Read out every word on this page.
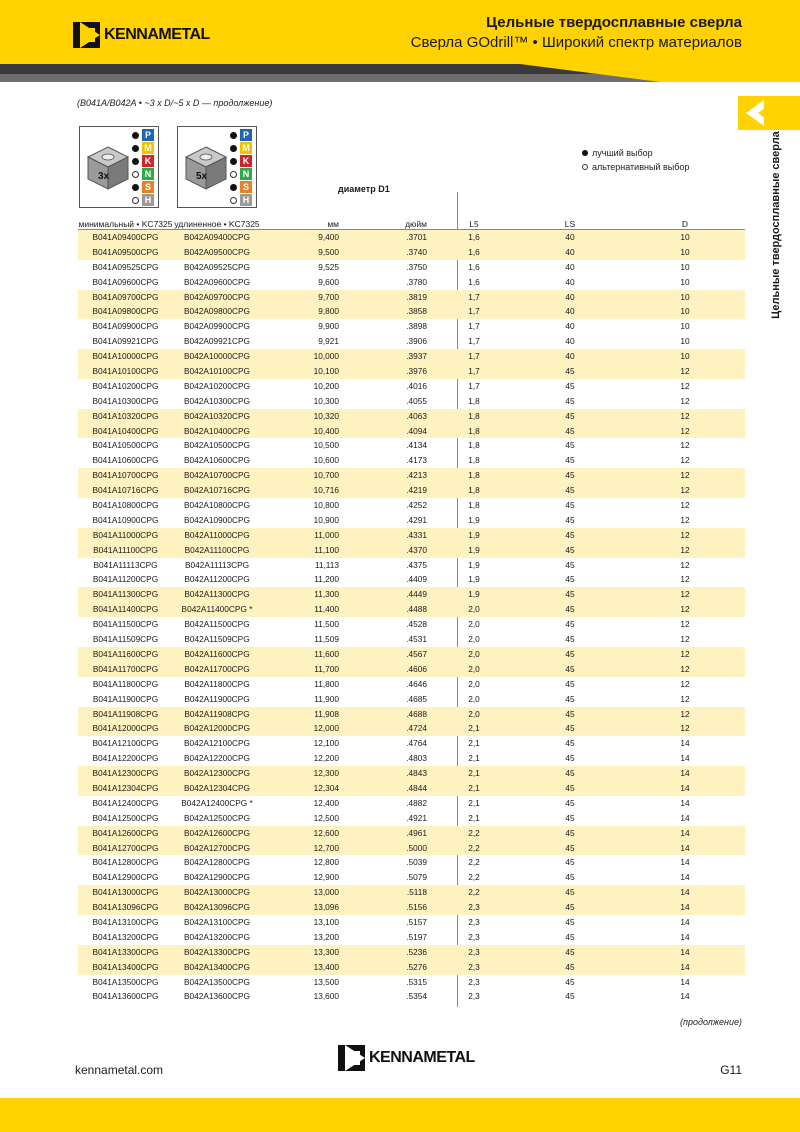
KENNAMETAL
Цельные твердосплавные сверла
Сверла GOdrill™ • Широкий спектр материалов
(B041A/B042A • ~3 x D/~5 x D — продолжение)
Цельные твердосплавные сверла
3x
P
M
K
N
S
H
5x
P
M
K
N
S
H
лучший выбор
альтернативный выбор
диаметр D1
минимальный • KC7325 удлиненное • KC7325	мм	дюйм	L5	LS	D
B041A09400CPG	B042A09400CPG	9,400	.3701	1,6	40	10
B041A09500CPG	B042A09500CPG	9,500	.3740	1,6	40	10
B041A09525CPG	B042A09525CPG	9,525	.3750	1,6	40	10
B041A09600CPG	B042A09600CPG	9,600	.3780	1,6	40	10
B041A09700CPG	B042A09700CPG	9,700	.3819	1,7	40	10
B041A09800CPG	B042A09800CPG	9,800	.3858	1,7	40	10
B041A09900CPG	B042A09900CPG	9,900	.3898	1,7	40	10
B041A09921CPG	B042A09921CPG	9,921	.3906	1,7	40	10
B041A10000CPG	B042A10000CPG	10,000	.3937	1,7	40	10
B041A10100CPG	B042A10100CPG	10,100	.3976	1,7	45	12
B041A10200CPG	B042A10200CPG	10,200	.4016	1,7	45	12
B041A10300CPG	B042A10300CPG	10,300	.4055	1,8	45	12
B041A10320CPG	B042A10320CPG	10,320	.4063	1,8	45	12
B041A10400CPG	B042A10400CPG	10,400	.4094	1,8	45	12
B041A10500CPG	B042A10500CPG	10,500	.4134	1,8	45	12
B041A10600CPG	B042A10600CPG	10,600	.4173	1,8	45	12
B041A10700CPG	B042A10700CPG	10,700	.4213	1,8	45	12
B041A10716CPG	B042A10716CPG	10,716	.4219	1,8	45	12
B041A10800CPG	B042A10800CPG	10,800	.4252	1,8	45	12
B041A10900CPG	B042A10900CPG	10,900	.4291	1,9	45	12
B041A11000CPG	B042A11000CPG	11,000	.4331	1,9	45	12
B041A11100CPG	B042A11100CPG	11,100	.4370	1,9	45	12
B041A11113CPG	B042A11113CPG	11,113	.4375	1,9	45	12
B041A11200CPG	B042A11200CPG	11,200	.4409	1,9	45	12
B041A11300CPG	B042A11300CPG	11,300	.4449	1,9	45	12
B041A11400CPG	B042A11400CPG *	11,400	.4488	2,0	45	12
B041A11500CPG	B042A11500CPG	11,500	.4528	2,0	45	12
B041A11509CPG	B042A11509CPG	11,509	.4531	2,0	45	12
B041A11600CPG	B042A11600CPG	11,600	.4567	2,0	45	12
B041A11700CPG	B042A11700CPG	11,700	.4606	2,0	45	12
B041A11800CPG	B042A11800CPG	11,800	.4646	2,0	45	12
B041A11900CPG	B042A11900CPG	11,900	.4685	2,0	45	12
B041A11908CPG	B042A11908CPG	11,908	.4688	2,0	45	12
B041A12000CPG	B042A12000CPG	12,000	.4724	2,1	45	12
B041A12100CPG	B042A12100CPG	12,100	.4764	2,1	45	14
B041A12200CPG	B042A12200CPG	12,200	.4803	2,1	45	14
B041A12300CPG	B042A12300CPG	12,300	.4843	2,1	45	14
B041A12304CPG	B042A12304CPG	12,304	.4844	2,1	45	14
B041A12400CPG	B042A12400CPG *	12,400	.4882	2,1	45	14
B041A12500CPG	B042A12500CPG	12,500	.4921	2,1	45	14
B041A12600CPG	B042A12600CPG	12,600	.4961	2,2	45	14
B041A12700CPG	B042A12700CPG	12,700	.5000	2,2	45	14
B041A12800CPG	B042A12800CPG	12,800	.5039	2,2	45	14
B041A12900CPG	B042A12900CPG	12,900	.5079	2,2	45	14
B041A13000CPG	B042A13000CPG	13,000	.5118	2,2	45	14
B041A13096CPG	B042A13096CPG	13,096	.5156	2,3	45	14
B041A13100CPG	B042A13100CPG	13,100	.5157	2,3	45	14
B041A13200CPG	B042A13200CPG	13,200	.5197	2,3	45	14
B041A13300CPG	B042A13300CPG	13,300	.5236	2,3	45	14
B041A13400CPG	B042A13400CPG	13,400	.5276	2,3	45	14
B041A13500CPG	B042A13500CPG	13,500	.5315	2,3	45	14
B041A13600CPG	B042A13600CPG	13,600	.5354	2,3	45	14
(продолжение)
kennametal.com
KENNAMETAL
G11
